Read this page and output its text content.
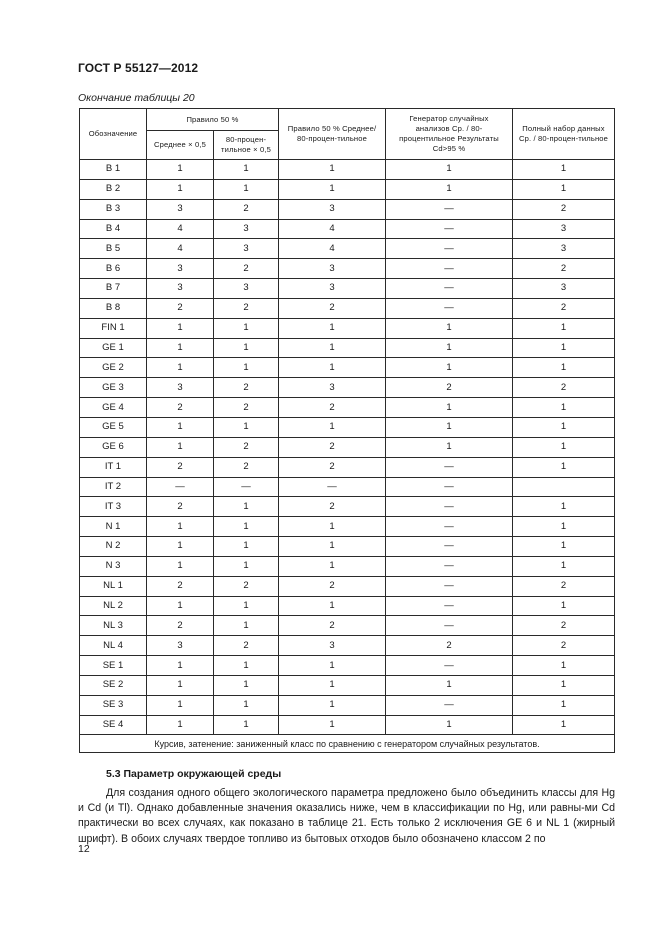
ГОСТ Р 55127—2012
Окончание таблицы 20
Обозначение	Правило 50 %		Правило 50 % Среднее/ 80-процен-тильное	Генератор случайных анализов Ср. / 80-процентильное Результаты Cd>95 %	Полный набор данных Ср. / 80-процен-тильное
	Среднее × 0,5	80-процен-тильное × 0,5			
B 1	1	1	1	1	1
B 2	1	1	1	1	1
B 3	3	2	3	—	2
B 4	4	3	4	—	3
B 5	4	3	4	—	3
B 6	3	2	3	—	2
B 7	3	3	3	—	3
B 8	2	2	2	—	2
FIN 1	1	1	1	1	1
GE 1	1	1	1	1	1
GE 2	1	1	1	1	1
GE 3	3	2	3	2	2
GE 4	2	2	2	1	1
GE 5	1	1	1	1	1
GE 6	1	2	2	1	1
IT 1	2	2	2	—	1
IT 2	—	—	—	—	
IT 3	2	1	2	—	1
N 1	1	1	1	—	1
N 2	1	1	1	—	1
N 3	1	1	1	—	1
NL 1	2	2	2	—	2
NL 2	1	1	1	—	1
NL 3	2	1	2	—	2
NL 4	3	2	3	2	2
SE 1	1	1	1	—	1
SE 2	1	1	1	1	1
SE 3	1	1	1	—	1
SE 4	1	1	1	1	1
Курсив, затенение: заниженный класс по сравнению с генератором случайных результатов.					
5.3 Параметр окружающей среды

Для создания одного общего экологического параметра предложено было объединить классы для Hg и Cd (и Tl). Однако добавленные значения оказались ниже, чем в классификации по Hg, или равны-ми Cd практически во всех случаях, как показано в таблице 21. Есть только 2 исключения GE 6 и NL 1 (жирный шрифт). В обоих случаях твердое топливо из бытовых отходов было обозначено классом 2 по

12
